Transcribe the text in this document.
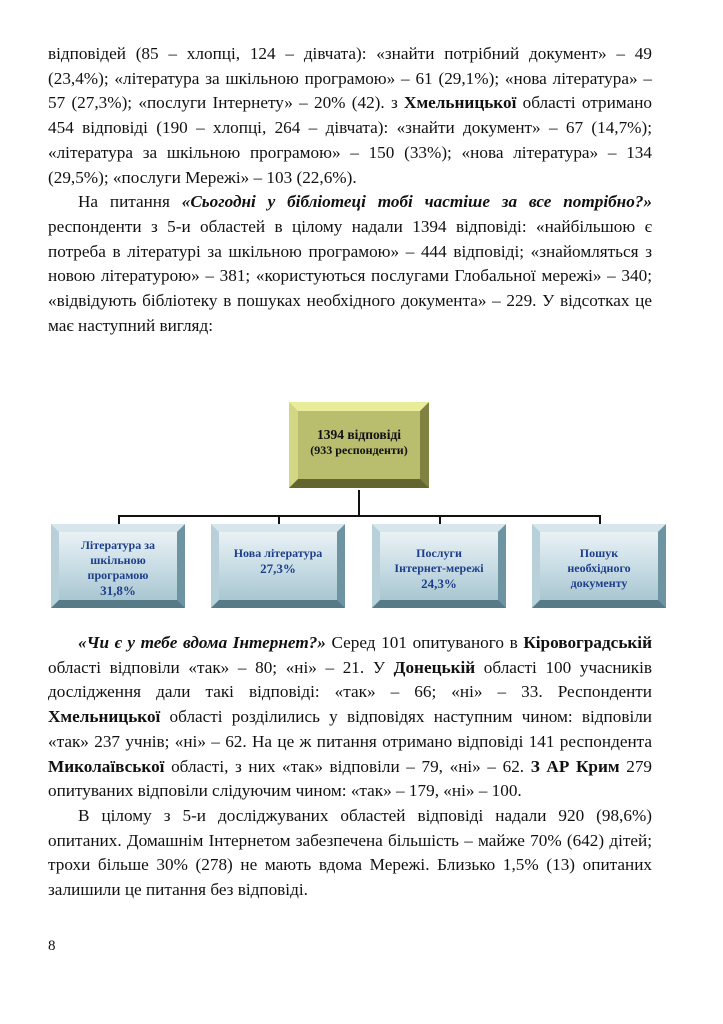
відповідей (85 – хлопці, 124 – дівчата): «знайти потрібний документ» – 49 (23,4%); «література за шкільною програмою» – 61 (29,1%); «нова література» – 57 (27,3%); «послуги Інтернету» – 20% (42). з Хмельницької області отримано 454 відповіді (190 – хлопці, 264 – дівчата): «знайти документ» – 67 (14,7%); «література за шкільною програмою» – 150 (33%); «нова література» – 134 (29,5%); «послуги Мережі» – 103 (22,6%).

На питання «Сьогодні у бібліотеці тобі частіше за все потрібно?» респонденти з 5-и областей в цілому надали 1394 відповіді: «найбільшою є потреба в літературі за шкільною програмою» – 444 відповіді; «знайомляться з новою літературою» – 381; «користуються послугами Глобальної мережі» – 340; «відвідують бібліотеку в пошуках необхідного документа» – 229. У відсотках це має наступний вигляд:

1394 відповіді
(933 респонденти)
Література за
шкільною
програмою
31,8%
Нова література
27,3%
Послуги
Інтернет-мережі
24,3%
Пошук
необхідного
документу

«Чи є у тебе вдома Інтернет?» Серед 101 опитуваного в Кіровоградській області відповіли «так» – 80; «ні» – 21. У Донецькій області 100 учасників дослідження дали такі відповіді: «так» – 66; «ні» – 33. Респонденти Хмельницької області розділились у відповідях наступним чином: відповіли «так» 237 учнів; «ні» – 62. На це ж питання отримано відповіді 141 респондента Миколаївської області, з них «так» відповіли – 79, «ні» – 62. З АР Крим 279 опитуваних відповіли слідуючим чином: «так» – 179, «ні» – 100.

В цілому з 5-и досліджуваних областей відповіді надали 920 (98,6%) опитаних. Домашнім Інтернетом забезпечена більшість – майже 70% (642) дітей; трохи більше 30% (278) не мають вдома Мережі. Близько 1,5% (13) опитаних залишили це питання без відповіді.

8
